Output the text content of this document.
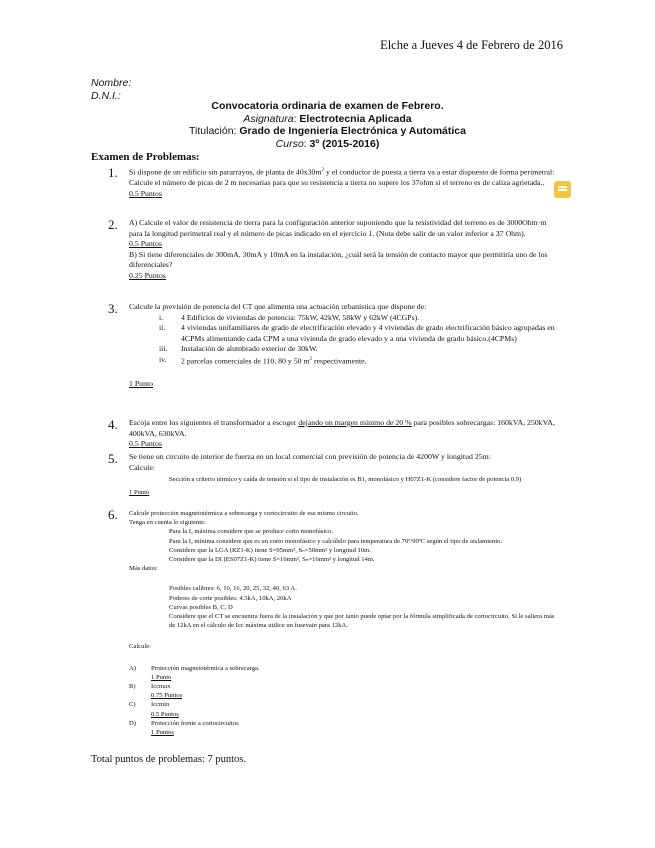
Elche a Jueves 4 de Febrero de 2016
Nombre:
D.N.I.:
Convocatoria ordinaria de examen de Febrero.
Asignatura: Electrotecnia Aplicada
Titulación: Grado de Ingeniería Electrónica y Automática
Curso: 3º (2015-2016)
Examen de Problemas:
1. Si dispone de un edificio sin pararrayos, de planta de $40x30m^2$ y el conductor de puesta a tierra va a estar dispuesto de forma perimetral:
Calcule el número de picas de 2 m necesarias para que su resistencia a tierra no supere los 37ohm si el terreno es de caliza agrietada..
0.5 Puntos
2. A) Calcule el valor de resistencia de tierra para la configuración anterior suponiendo que la resistividad del terreno es de 3000Ohm·m para la longitud perimetral real y el número de picas indicado en el ejercicio 1. (Nota debe salir de un valor inferior a 37 Ohm).
0.5 Puntos
B) Si tiene diferenciales de 300mA, 30mA y 10mA en la instalación, ¿cuál será la tensión de contacto mayor que permitiría uno de los diferenciales?
0.25 Puntos
3. Calcule la previsión de potencia del CT que alimenta una actuación urbanística que dispone de:
i.	4 Edificios de viviendas de potencia: 75kW, 42kW, 58kW y 62kW (4CGPs).
ii.	4 viviendas unifamiliares de grado de electrificación elevado y 4 viviendas de grado electrificación básico agrupadas en 4CPMs alimentando cada CPM a una vivienda de grado elevado y a una vivienda de grado básico.(4CPMs)
iii.	Instalación de alumbrado exterior de 30kW.
iv.	2 parcelas comerciales de 110, 80 y 50 $m^2$ respectivamente.
1 Punto
4. Escoja entre los siguientes el transformador a escoger dejando un margen mínimo de 20 % para posibles sobrecargas: 160kVA, 250kVA, 400kVA, 630kVA.
0.5 Puntos
5. Se tiene un circuito de interior de fuerza en un local comercial con previsión de potencia de 4200W y longitud 25m:
Calcule:
Sección a criterio térmico y caída de tensión si el tipo de instalación es B1, monofásico y H07Z1-K (considere factor de potencia 0.9)
1 Punto
6. Calcule protección magnetotérmica a sobrecarga y cortocircuito de ese mismo circuito.
Tenga en cuenta lo siguiente:
Para la Iₐ máxima considere que se produce corto monofásico.
Para la Iₐ mínima considere que es un corto monofásico y calcúlelo para temperatura de 70º/90ºC según el tipo de aislamiento.
Considere que la LGA (RZ1-K) tiene S=95mm², Sₙ=50mm² y longitud 10m.
Considere que la DI (ES07Z1-K) tiene S=16mm², Sₙ=16mm² y longitud 14m.
Más datos:
Posibles calibres: 6, 10, 16, 20, 25, 32, 40, 63 A.
Poderes de corte posibles: 4.5kA, 10kA, 20kA
Curvas posibles B, C, D
Considere que el CT se encuentra fuera de la instalación y que por tanto puede optar por la fórmula simplificada de cortocircuito. Si le saliera más de 12kA en el cálculo de Icc máxima utilice un fusevain para 12kA.
Calcule:
A)	Protección magnetotérmica a sobrecarga.
1 Punto
B)	Iccmax
0.75 Puntos
C)	Iccmin
0.5 Puntos
D)	Protección frente a cortocircuitos
1 Puntos
Total puntos de problemas: 7 puntos.
